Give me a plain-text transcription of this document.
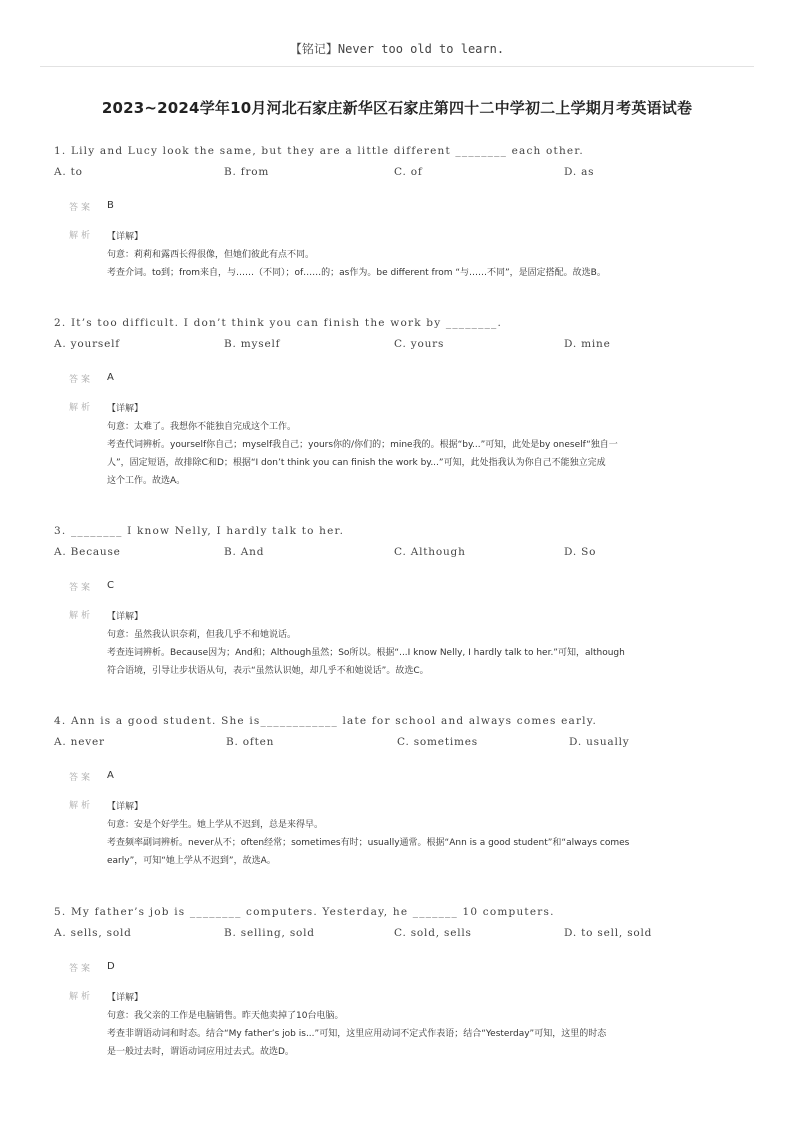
【铭记】Never too old to learn.
2023~2024学年10月河北石家庄新华区石家庄第四十二中学初二上学期月考英语试卷
1. Lily and Lucy look the same, but they are a little different ________ each other.
A. to	B. from	C. of	D. as
答案 B
解析 【详解】

句意：莉莉和露西长得很像，但她们彼此有点不同。

考查介词。to到；from来自，与……（不同）；of……的；as作为。be different from “与……不同”，是固定搭配。故选B。

2. It’s too difficult. I don’t think you can finish the work by ________.
A. yourself	B. myself	C. yours	D. mine
答案 A
解析 【详解】

句意：太难了。我想你不能独自完成这个工作。

考查代词辨析。yourself你自己；myself我自己；yours你的/你们的；mine我的。根据“by...”可知，此处是by oneself“独自一

人”，固定短语，故排除C和D；根据“I don’t think you can finish the work by...”可知，此处指我认为你自己不能独立完成

这个工作。故选A。

3. ________ I know Nelly, I hardly talk to her.
A. Because	B. And	C. Although	D. So
答案 C
解析 【详解】

句意：虽然我认识奈莉，但我几乎不和她说话。

考查连词辨析。Because因为；And和；Although虽然；So所以。根据“...I know Nelly, I hardly talk to her.”可知，although

符合语境，引导让步状语从句，表示“虽然认识她，却几乎不和她说话”。故选C。

4. Ann is a good student. She is____________ late for school and always comes early.
A. never	B. often	C. sometimes	D. usually
答案 A
解析 【详解】

句意：安是个好学生。她上学从不迟到，总是来得早。

考查频率副词辨析。never从不；often经常；sometimes有时；usually通常。根据“Ann is a good student”和“always comes

early”，可知“她上学从不迟到”，故选A。

5. My father’s job is ________ computers. Yesterday, he _______ 10 computers.
A. sells, sold	B. selling, sold	C. sold, sells	D. to sell, sold
答案 D
解析 【详解】

句意：我父亲的工作是电脑销售。昨天他卖掉了10台电脑。

考查非谓语动词和时态。结合“My father’s job is...”可知，这里应用动词不定式作表语；结合“Yesterday”可知，这里的时态

是一般过去时，谓语动词应用过去式。故选D。
